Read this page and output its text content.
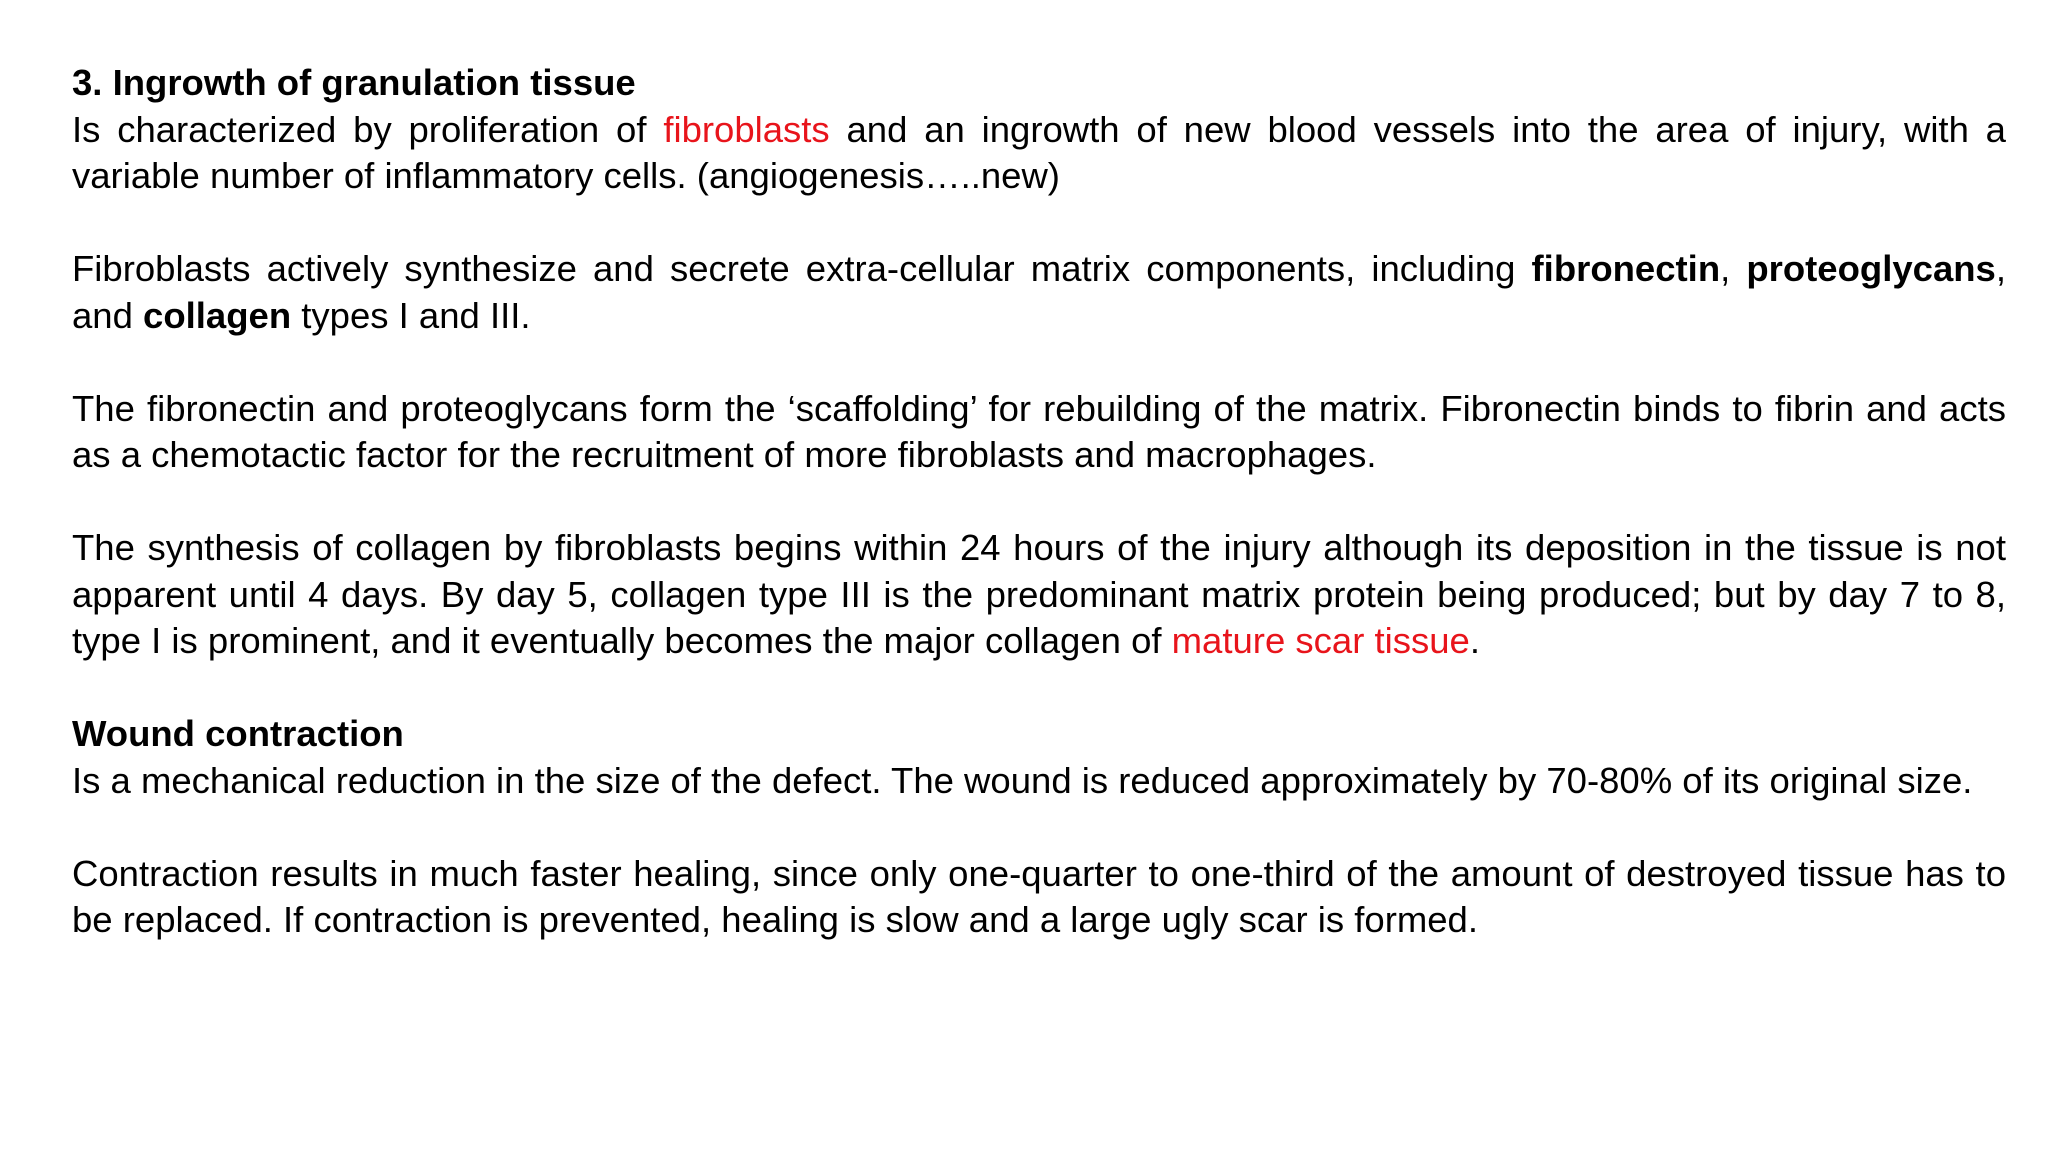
3. Ingrowth of granulation tissue

Is characterized by proliferation of fibroblasts and an ingrowth of new blood vessels into the area of injury, with a variable number of inflammatory cells. (angiogenesis…..new)

Fibroblasts actively synthesize and secrete extra-cellular matrix components, including fibronectin, proteoglycans, and collagen types I and III.

The fibronectin and proteoglycans form the ‘scaffolding’ for rebuilding of the matrix. Fibronectin binds to fibrin and acts as a chemotactic factor for the recruitment of more fibroblasts and macrophages.

The synthesis of collagen by fibroblasts begins within 24 hours of the injury although its deposition in the tissue is not apparent until 4 days. By day 5, collagen type III is the predominant matrix protein being produced; but by day 7 to 8, type I is prominent, and it eventually becomes the major collagen of mature scar tissue.

Wound contraction

Is a mechanical reduction in the size of the defect. The wound is reduced approximately by 70-80% of its original size.

Contraction results in much faster healing, since only one-quarter to one-third of the amount of destroyed tissue has to be replaced. If contraction is prevented, healing is slow and a large ugly scar is formed.
